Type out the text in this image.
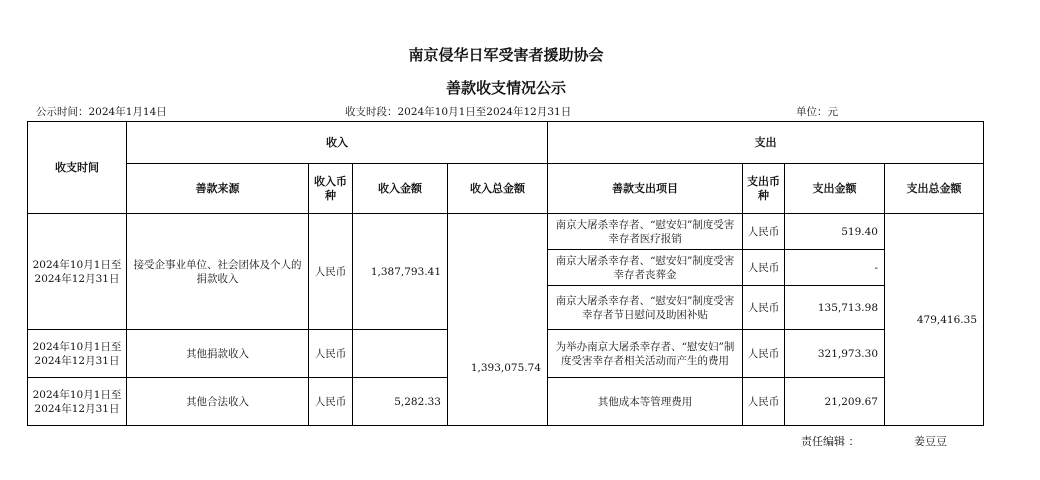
南京侵华日军受害者援助协会
善款收支情况公示
公示时间：2024年1月14日	收支时段：2024年10月1日至2024年12月31日	单位：元
收支时间	收入				支出			
	善款来源	收入币种	收入金额	收入总金额	善款支出项目	支出币种	支出金额	支出总金额
2024年10月1日至2024年12月31日	接受企事业单位、社会团体及个人的捐款收入	人民币	1,387,793.41	1,393,075.74	南京大屠杀幸存者、“慰安妇”制度受害幸存者医疗报销	人民币	519.40	479,416.35
					南京大屠杀幸存者、“慰安妇”制度受害幸存者丧葬金	人民币	-	
					南京大屠杀幸存者、“慰安妇”制度受害幸存者节日慰问及助困补贴	人民币	135,713.98	
2024年10月1日至2024年12月31日	其他捐款收入	人民币			为举办南京大屠杀幸存者、“慰安妇”制度受害幸存者相关活动而产生的费用	人民币	321,973.30	
2024年10月1日至2024年12月31日	其他合法收入	人民币	5,282.33		其他成本等管理费用	人民币	21,209.67	
责任编辑 ：	姜豆豆
